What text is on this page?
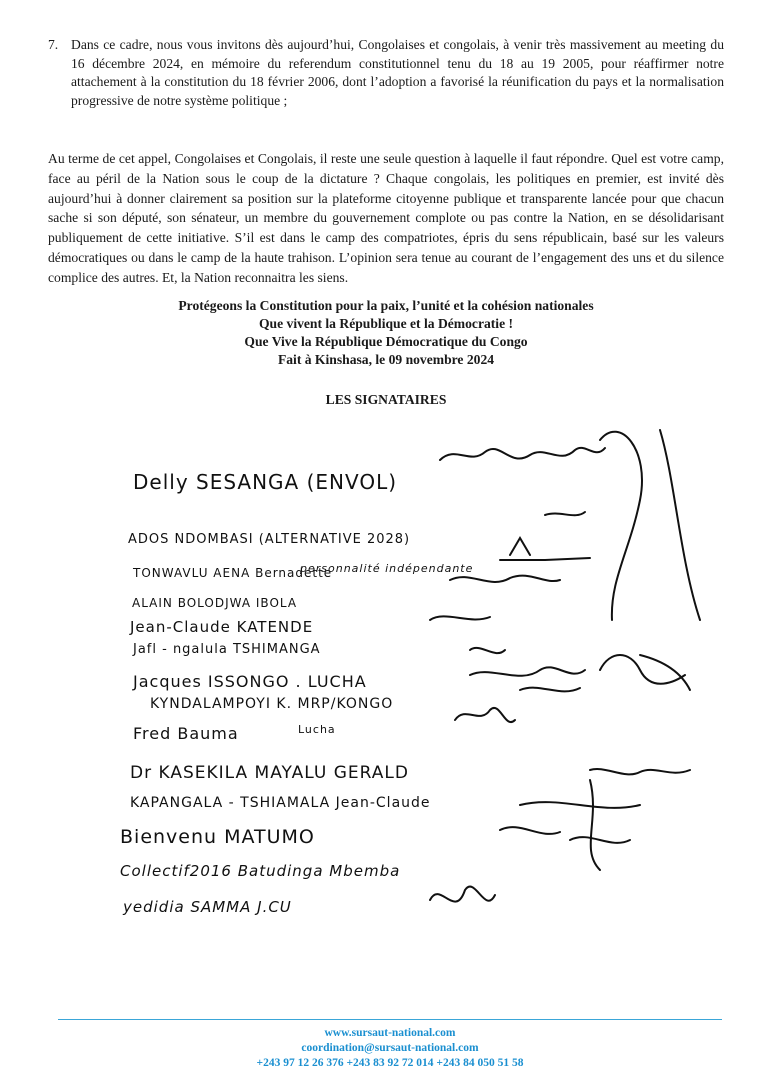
7. Dans ce cadre, nous vous invitons dès aujourd’hui, Congolaises et congolais, à venir très massivement au meeting du 16 décembre 2024, en mémoire du referendum constitutionnel tenu du 18 au 19 2005, pour réaffirmer notre attachement à la constitution du 18 février 2006, dont l’adoption a favorisé la réunification du pays et la normalisation progressive de notre système politique ;
Au terme de cet appel, Congolaises et Congolais, il reste une seule question à laquelle il faut répondre. Quel est votre camp, face au péril de la Nation sous le coup de la dictature ? Chaque congolais, les politiques en premier, est invité dès aujourd’hui à donner clairement sa position sur la plateforme citoyenne publique et transparente lancée pour que chacun sache si son député, son sénateur, un membre du gouvernement complote ou pas contre la Nation, en se désolidarisant publiquement de cette initiative. S’il est dans le camp des compatriotes, épris du sens républicain, basé sur les valeurs démocratiques ou dans le camp de la haute trahison. L’opinion sera tenue au courant de l’engagement des uns et du silence complice des autres. Et, la Nation reconnaitra les siens.
Protégeons la Constitution pour la paix, l’unité et la cohésion nationales
Que vivent la République et la Démocratie !
Que Vive la République Démocratique du Congo
Fait à Kinshasa, le 09 novembre 2024
LES SIGNATAIRES
Delly SESANGA (ENVOL)
ADOS NDOMBASI (ALTERNATIVE 2028)
TONWAVLU AENA Bernadette
personnalité indépendante
ALAIN BOLODJWA IBOLA
Jean-Claude KATENDE
Jafl - ngalula TSHIMANGA
Jacques ISSONGO . LUCHA
KYNDALAMPOYI K. MRP/KONGO
Fred Bauma	Lucha
Dr KASEKILA MAYALU GERALD
KAPANGALA - TSHIAMALA Jean-Claude
Bienvenu MATUMO
Collectif2016 Batudinga Mbemba
yedidia SAMMA J.CU
www.sursaut-national.com
coordination@sursaut-national.com
+243 97 12 26 376 +243 83 92 72 014 +243 84 050 51 58
